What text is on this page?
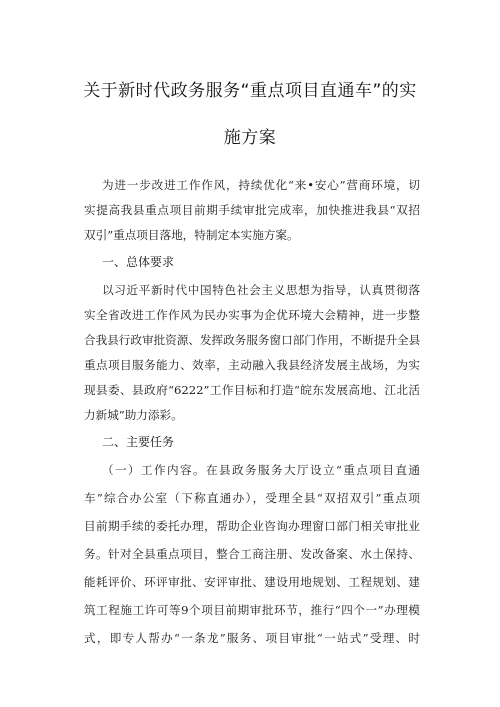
关于新时代政务服务“重点项目直通车”的实
施方案
为进一步改进工作作风，持续优化“来•安心”营商环境，切
实提高我县重点项目前期手续审批完成率，加快推进我县“双招
双引”重点项目落地，特制定本实施方案。
一、总体要求
以习近平新时代中国特色社会主义思想为指导，认真贯彻落
实全省改进工作作风为民办实事为企优环境大会精神，进一步整
合我县行政审批资源、发挥政务服务窗口部门作用，不断提升全县
重点项目服务能力、效率，主动融入我县经济发展主战场，为实
现县委、县政府“6222”工作目标和打造“皖东发展高地、江北活
力新城”助力添彩。
二、主要任务
（一）工作内容。在县政务服务大厅设立“重点项目直通
车”综合办公室（下称直通办），受理全县“双招双引”重点项
目前期手续的委托办理，帮助企业咨询办理窗口部门相关审批业
务。针对全县重点项目，整合工商注册、发改备案、水土保持、
能耗评价、环评审批、安评审批、建设用地规划、工程规划、建
筑工程施工许可等9个项目前期审批环节，推行“四个一”办理模
式，即专人帮办“一条龙”服务、项目审批“一站式”受理、时
